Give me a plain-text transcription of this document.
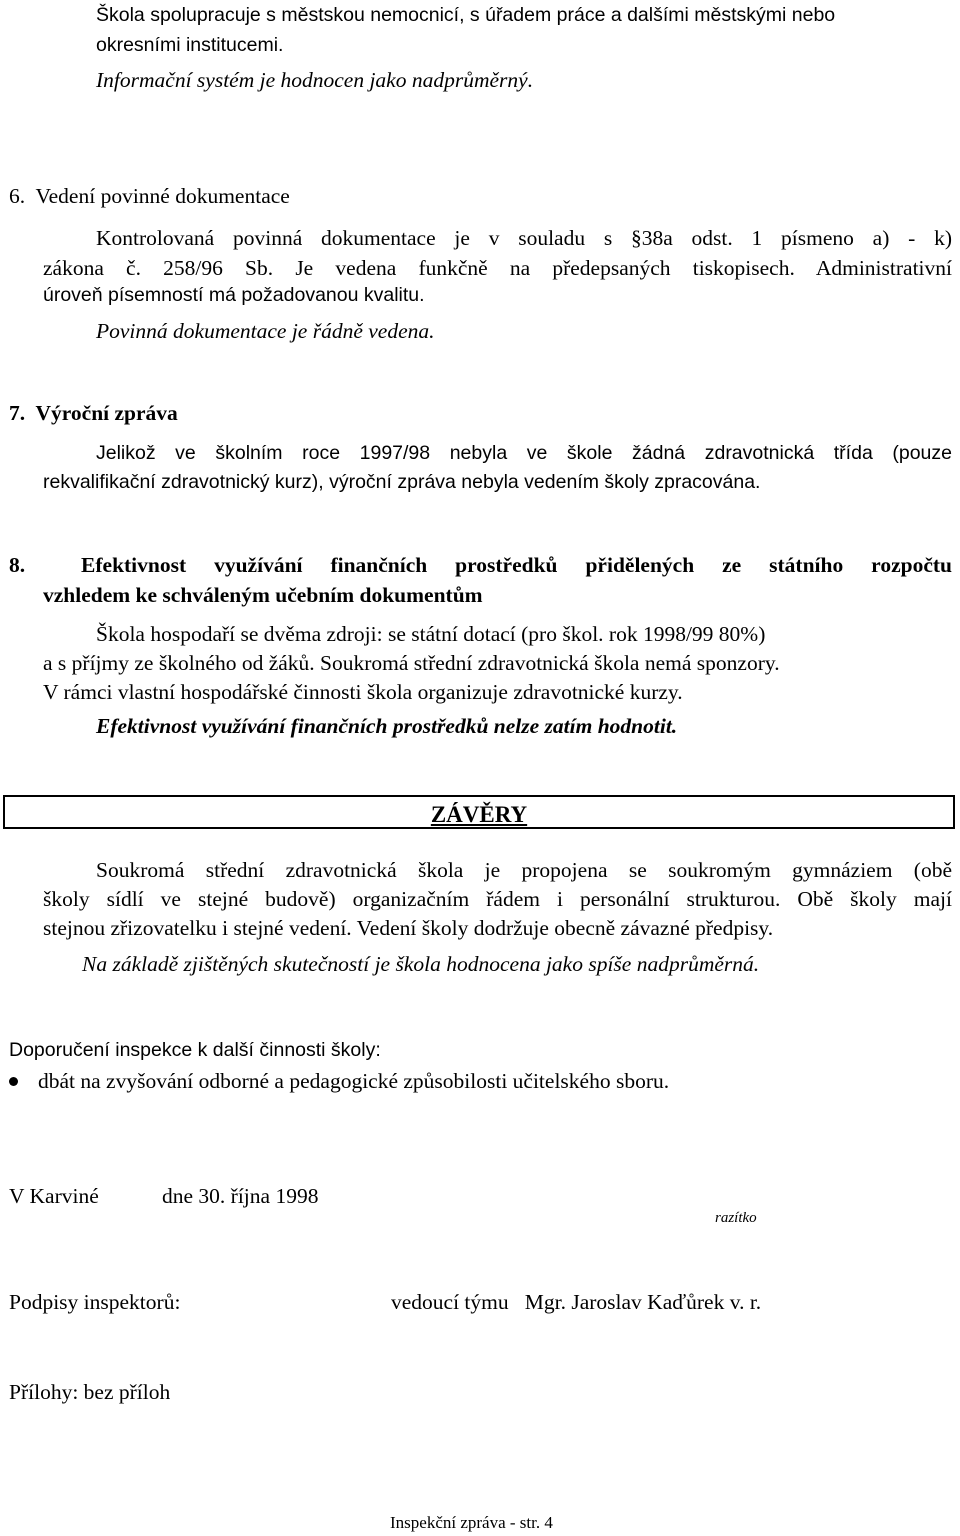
Škola spolupracuje s městskou nemocnicí, s úřadem práce a dalšími městskými nebo
okresními institucemi.
Informační systém je hodnocen jako nadprůměrný.
6.  Vedení povinné dokumentace
Kontrolovaná povinná dokumentace je v souladu s §38a odst. 1 písmeno a) - k)
zákona č. 258/96 Sb. Je vedena funkčně na předepsaných tiskopisech. Administrativní
úroveň písemností má požadovanou kvalitu.
Povinná dokumentace je řádně vedena.
7.  Výroční zpráva
Jelikož ve školním roce 1997/98 nebyla ve škole žádná zdravotnická třída (pouze
rekvalifikační zdravotnický kurz), výroční zpráva nebyla vedením školy zpracována.
8.  Efektivnost využívání finančních prostředků přidělených ze státního rozpočtu
vzhledem ke schváleným učebním dokumentům
Škola hospodaří se dvěma zdroji: se státní dotací (pro škol. rok 1998/99 80%)
a s příjmy ze školného od žáků. Soukromá střední zdravotnická škola nemá sponzory.
V rámci vlastní hospodářské činnosti škola organizuje zdravotnické kurzy.
Efektivnost využívání finančních prostředků nelze zatím hodnotit.
ZÁVĚRY
Soukromá střední zdravotnická škola je propojena se soukromým gymnáziem (obě
školy sídlí ve stejné budově) organizačním řádem i personální strukturou. Obě školy mají
stejnou zřizovatelku i stejné vedení. Vedení školy dodržuje obecně závazné předpisy.
Na základě zjištěných skutečností je škola hodnocena jako spíše nadprůměrná.
Doporučení inspekce k další činnosti školy:
dbát na zvyšování odborné a pedagogické způsobilosti učitelského sboru.
V Karviné	dne 30. října 1998
razítko
Podpisy inspektorů:	vedoucí týmu   Mgr. Jaroslav Kaďůrek v. r.
Přílohy: bez příloh
Inspekční zpráva - str. 4
